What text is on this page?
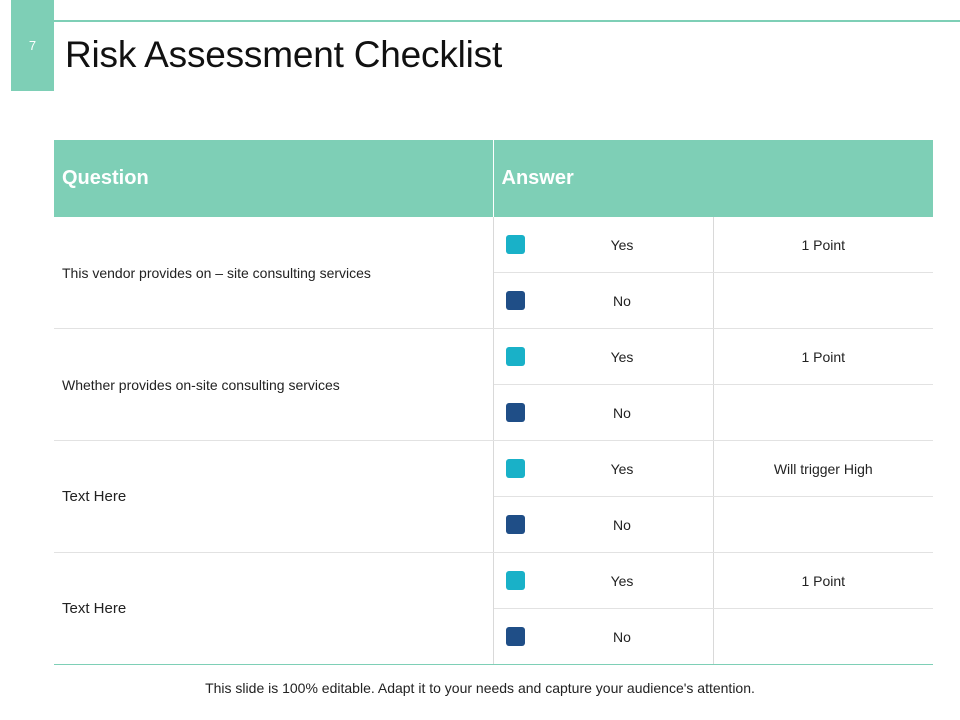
7 Risk Assessment Checklist
Question	Answer	
This vendor provides on – site consulting services	Yes	1 Point

	No	

Whether provides on-site consulting services	Yes	1 Point

	No	

Text Here	Yes	Will trigger High

	No	

Text Here	Yes	1 Point

	No	

This slide is 100% editable. Adapt it to your needs and capture your audience's attention.
